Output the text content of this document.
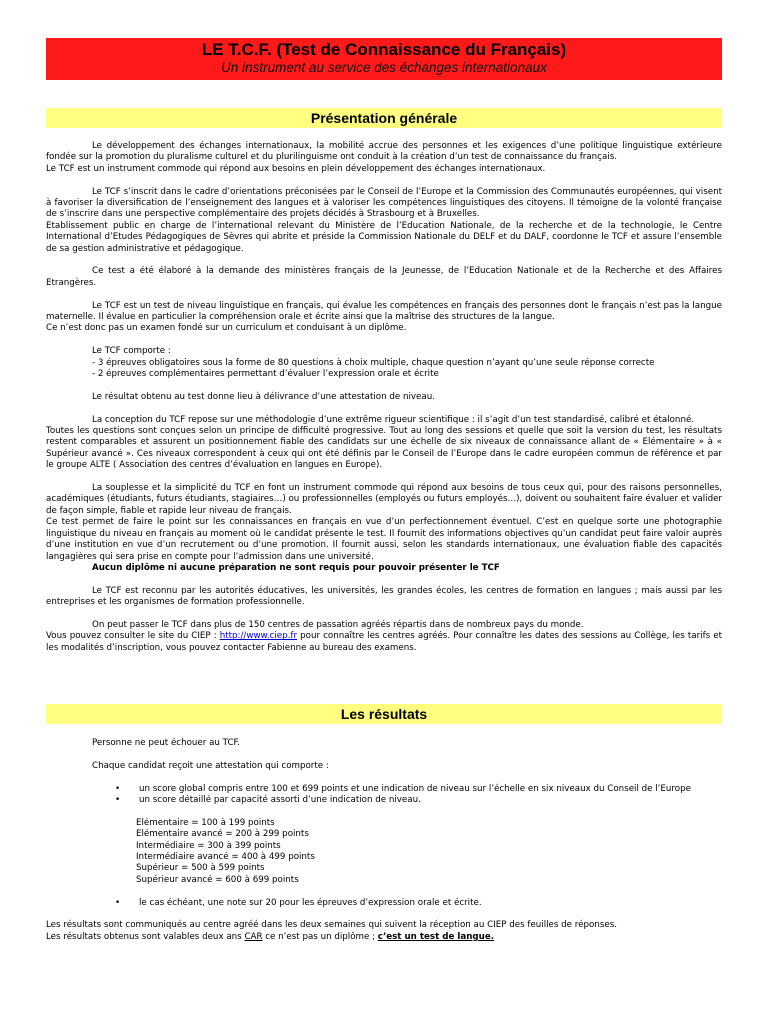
LE T.C.F. (Test de Connaissance du Français)
Un instrument au service des échanges internationaux
Présentation générale

Le développement des échanges internationaux, la mobilité accrue des personnes et les exigences d’une politique linguistique extérieure fondée sur la promotion du pluralisme culturel et du plurilinguisme ont conduit à la création d’un test de connaissance du français.

Le TCF est un instrument commode qui répond aux besoins en plein développement des échanges internationaux.

Le TCF s’inscrit dans le cadre d’orientations préconisées par le Conseil de l’Europe et la Commission des Communautés européennes, qui visent à favoriser la diversification de l’enseignement des langues et à valoriser les compétences linguistiques des citoyens. Il témoigne de la volonté française de s’inscrire dans une perspective complémentaire des projets décidés à Strasbourg et à Bruxelles.

Etablissement public en charge de l’international relevant du Ministère de l’Education Nationale, de la recherche et de la technologie, le Centre International d’Etudes Pédagogiques de Sèvres qui abrite et préside la Commission Nationale du DELF et du DALF, coordonne le TCF et assure l’ensemble de sa gestion administrative et pédagogique.

Ce test a été élaboré à la demande des ministères français de la Jeunesse, de l’Education Nationale et de la Recherche et des Affaires Etrangères.

Le TCF est un test de niveau linguistique en français, qui évalue les compétences en français des personnes dont le français n’est pas la langue maternelle. Il évalue en particulier la compréhension orale et écrite ainsi que la maîtrise des structures de la langue.

Ce n’est donc pas un examen fondé sur un curriculum et conduisant à un diplôme.

Le TCF comporte :

- 3 épreuves obligatoires sous la forme de 80 questions à choix multiple, chaque question n’ayant qu’une seule réponse correcte

- 2 épreuves complémentaires permettant d’évaluer l’expression orale et écrite

Le résultat obtenu au test donne lieu à délivrance d’une attestation de niveau.

La conception du TCF repose sur une méthodologie d’une extrême rigueur scientifique : il s’agit d’un test standardisé, calibré et étalonné.

Toutes les questions sont conçues selon un principe de difficulté progressive. Tout au long des sessions et quelle que soit la version du test, les résultats restent comparables et assurent un positionnement fiable des candidats sur une échelle de six niveaux de connaissance allant de « Elémentaire » à « Supérieur avancé ». Ces niveaux correspondent à ceux qui ont été définis par le Conseil de l’Europe dans le cadre européen commun de référence et par le groupe ALTE ( Association des centres d’évaluation en langues en Europe).

La souplesse et la simplicité du TCF en font un instrument commode qui répond aux besoins de tous ceux qui, pour des raisons personnelles, académiques (étudiants, futurs étudiants, stagiaires…) ou professionnelles (employés ou futurs employés…), doivent ou souhaitent faire évaluer et valider de façon simple, fiable et rapide leur niveau de français.

Ce test permet de faire le point sur les connaissances en français en vue d’un perfectionnement éventuel. C’est en quelque sorte une photographie linguistique du niveau en français au moment où le candidat présente le test. Il fournit des informations objectives qu’un candidat peut faire valoir auprès d’une institution en vue d’un recrutement ou d’une promotion. Il fournit aussi, selon les standards internationaux, une évaluation fiable des capacités langagières qui sera prise en compte pour l’admission dans une université.

Aucun diplôme ni aucune préparation ne sont requis pour pouvoir présenter le TCF

Le TCF est reconnu par les autorités éducatives, les universités, les grandes écoles, les centres de formation en langues ; mais aussi par les entreprises et les organismes de formation professionnelle.

On peut passer le TCF dans plus de 150 centres de passation agréés répartis dans de nombreux pays du monde.

Vous pouvez consulter le site du CIEP : http://www.ciep.fr pour connaître les centres agréés. Pour connaître les dates des sessions au Collège, les tarifs et les modalités d’inscription, vous pouvez contacter Fabienne au bureau des examens.

Les résultats

Personne ne peut échouer au TCF.

Chaque candidat reçoit une attestation qui comporte :

• un score global compris entre 100 et 699 points et une indication de niveau sur l’échelle en six niveaux du Conseil de l’Europe

• un score détaillé par capacité assorti d’une indication de niveau.

Elémentaire = 100 à 199 points

Elémentaire avancé = 200 à 299 points

Intermédiaire = 300 à 399 points

Intermédiaire avancé = 400 à 499 points

Supérieur = 500 à 599 points

Supérieur avancé = 600 à 699 points

• le cas échéant, une note sur 20 pour les épreuves d’expression orale et écrite.

Les résultats sont communiqués au centre agréé dans les deux semaines qui suivent la réception au CIEP des feuilles de réponses.

Les résultats obtenus sont valables deux ans CAR ce n’est pas un diplôme ; c’est un test de langue.
